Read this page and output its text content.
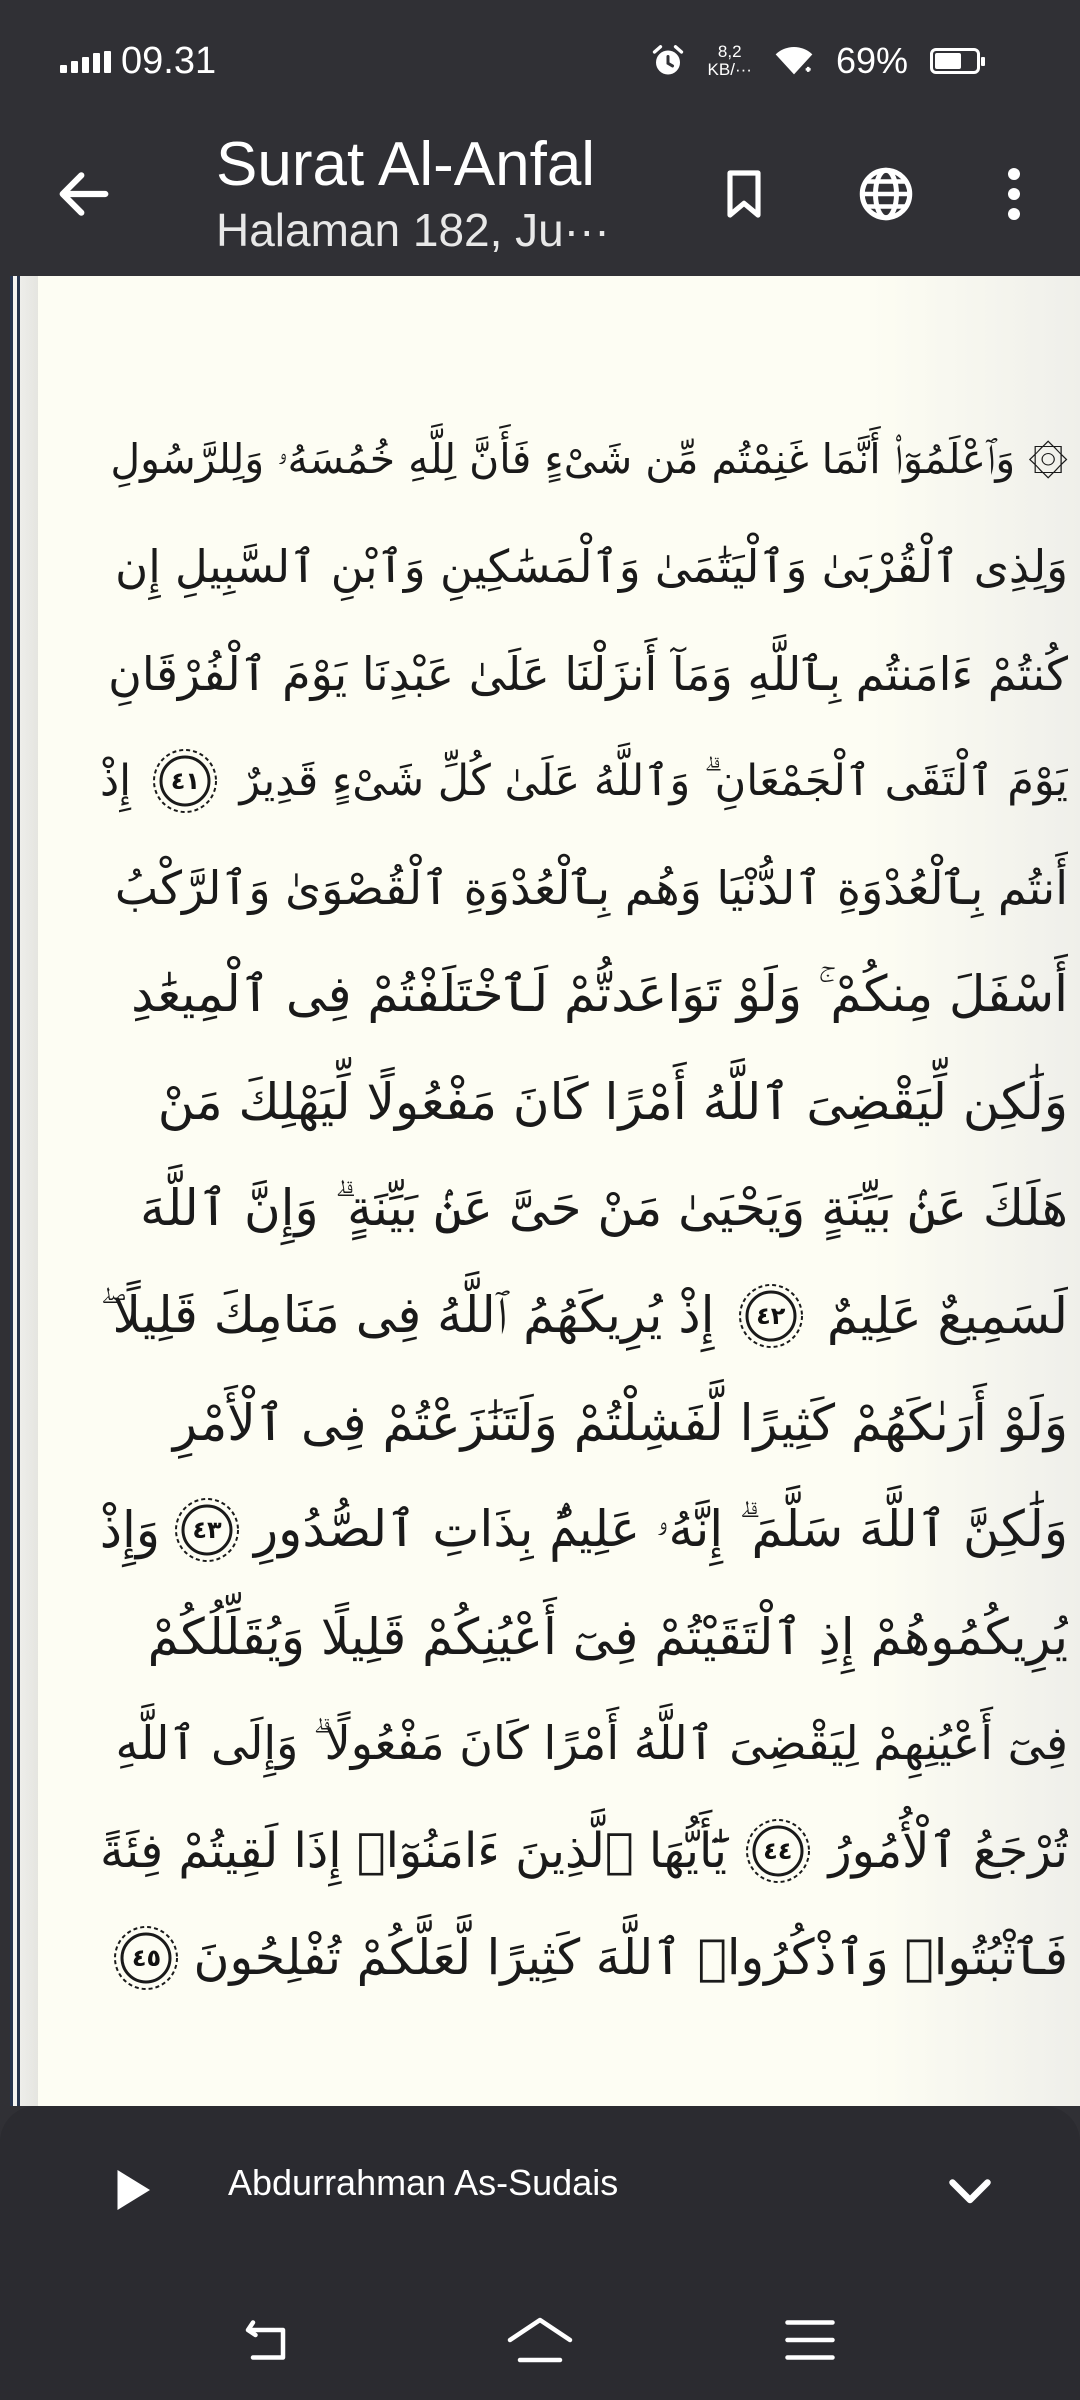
09.31	8,2
KB/··· 69%
Surat Al-Anfal
Halaman 182, Ju···
۞ وَٱعْلَمُوٓا۟ أَنَّمَا غَنِمْتُم مِّن شَىْءٍ فَأَنَّ لِلَّهِ خُمُسَهُۥ وَلِلرَّسُولِ
وَلِذِى ٱلْقُرْبَىٰ وَٱلْيَتَٰمَىٰ وَٱلْمَسَٰكِينِ وَٱبْنِ ٱلسَّبِيلِ إِن
كُنتُمْ ءَامَنتُم بِٱللَّهِ وَمَآ أَنزَلْنَا عَلَىٰ عَبْدِنَا يَوْمَ ٱلْفُرْقَانِ
يَوْمَ ٱلْتَقَى ٱلْجَمْعَانِ ۗ وَٱللَّهُ عَلَىٰ كُلِّ شَىْءٍ قَدِيرٌ
٤١
إِذْ
أَنتُم بِٱلْعُدْوَةِ ٱلدُّنْيَا وَهُم بِٱلْعُدْوَةِ ٱلْقُصْوَىٰ وَٱلرَّكْبُ
أَسْفَلَ مِنكُمْ ۚ وَلَوْ تَوَاعَدتُّمْ لَٱخْتَلَفْتُمْ فِى ٱلْمِيعَٰدِ
وَلَٰكِن لِّيَقْضِىَ ٱللَّهُ أَمْرًا كَانَ مَفْعُولًا لِّيَهْلِكَ مَنْ
هَلَكَ عَنۢ بَيِّنَةٍ وَيَحْيَىٰ مَنْ حَىَّ عَنۢ بَيِّنَةٍ ۗ وَإِنَّ ٱللَّهَ
لَسَمِيعٌ عَلِيمٌ
٤٢
إِذْ يُرِيكَهُمُ ٱللَّهُ فِى مَنَامِكَ قَلِيلًا ۖ
وَلَوْ أَرَىٰكَهُمْ كَثِيرًا لَّفَشِلْتُمْ وَلَتَنَٰزَعْتُمْ فِى ٱلْأَمْرِ
وَلَٰكِنَّ ٱللَّهَ سَلَّمَ ۗ إِنَّهُۥ عَلِيمٌۢ بِذَاتِ ٱلصُّدُورِ
٤٣
وَإِذْ
يُرِيكُمُوهُمْ إِذِ ٱلْتَقَيْتُمْ فِىٓ أَعْيُنِكُمْ قَلِيلًا وَيُقَلِّلُكُمْ
فِىٓ أَعْيُنِهِمْ لِيَقْضِىَ ٱللَّهُ أَمْرًا كَانَ مَفْعُولًا ۗ وَإِلَى ٱللَّهِ
تُرْجَعُ ٱلْأُمُورُ
٤٤
يَٰٓأَيُّهَا ٱلَّذِينَ ءَامَنُوٓا۟ إِذَا لَقِيتُمْ فِئَةً
فَٱثْبُتُوا۟ وَٱذْكُرُوا۟ ٱللَّهَ كَثِيرًا لَّعَلَّكُمْ تُفْلِحُونَ
٤٥
Abdurrahman As-Sudais
